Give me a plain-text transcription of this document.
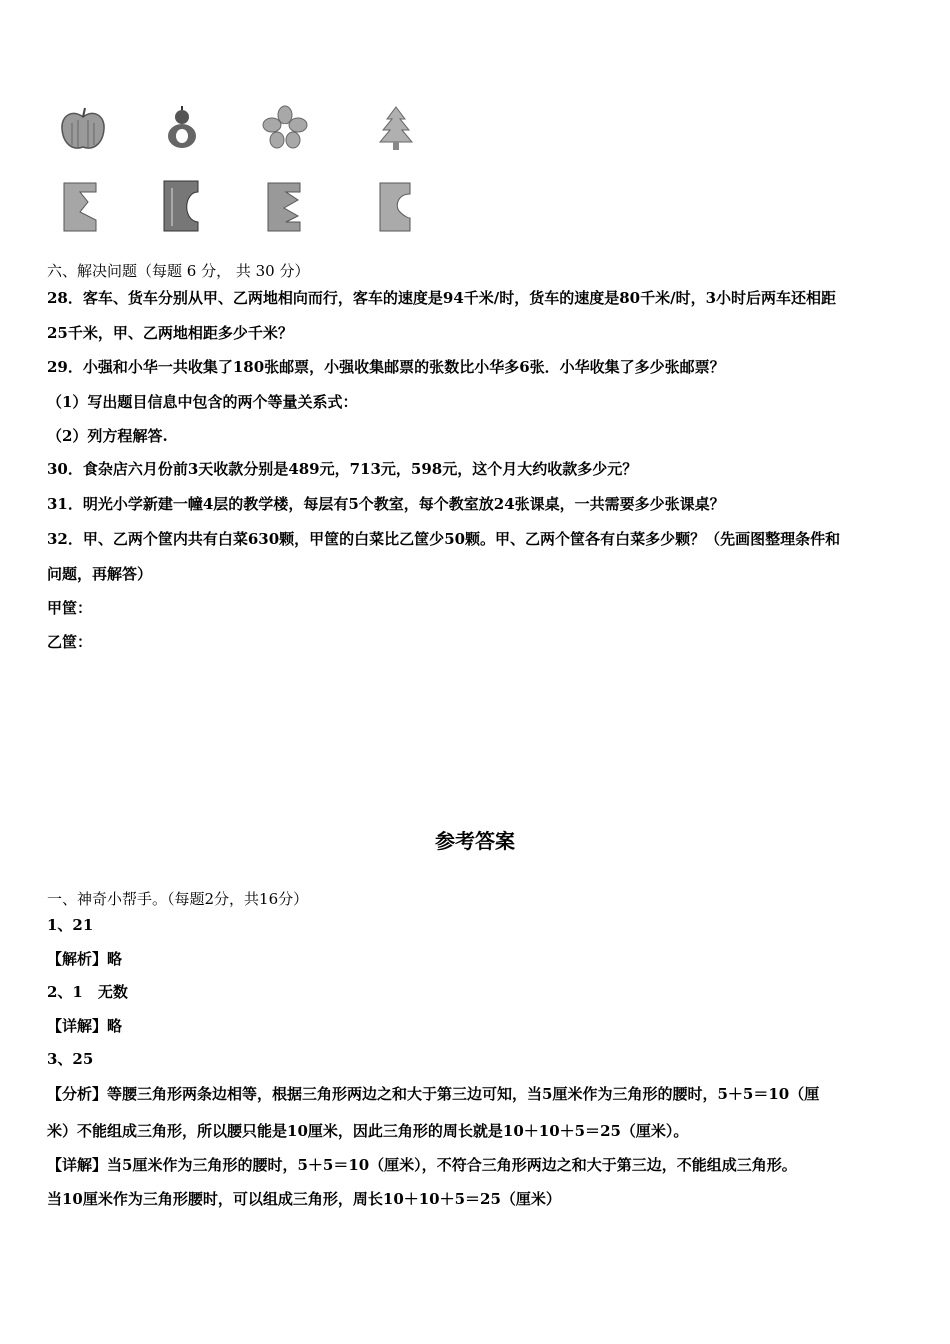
六、解决问题（每题 6 分， 共 30 分）
28．客车、货车分别从甲、乙两地相向而行，客车的速度是94千米/时，货车的速度是80千米/时，3小时后两车还相距
25千米，甲、乙两地相距多少千米？
29．小强和小华一共收集了180张邮票，小强收集邮票的张数比小华多6张．小华收集了多少张邮票？
（1）写出题目信息中包含的两个等量关系式：
（2）列方程解答.
30．食杂店六月份前3天收款分别是489元，713元，598元，这个月大约收款多少元？
31．明光小学新建一幢4层的教学楼，每层有5个教室，每个教室放24张课桌，一共需要多少张课桌？
32．甲、乙两个筐内共有白菜630颗，甲筐的白菜比乙筐少50颗。甲、乙两个筐各有白菜多少颗？（先画图整理条件和
问题，再解答）
甲筐：
乙筐：
参考答案
一、神奇小帮手。（每题2分，共16分）
1、21
【解析】略
2、1　无数
【详解】略
3、25
【分析】等腰三角形两条边相等，根据三角形两边之和大于第三边可知，当5厘米作为三角形的腰时，5＋5＝10（厘
米）不能组成三角形，所以腰只能是10厘米，因此三角形的周长就是10＋10＋5＝25（厘米）。
【详解】当5厘米作为三角形的腰时，5＋5＝10（厘米），不符合三角形两边之和大于第三边，不能组成三角形。
当10厘米作为三角形腰时，可以组成三角形，周长10＋10＋5＝25（厘米）
